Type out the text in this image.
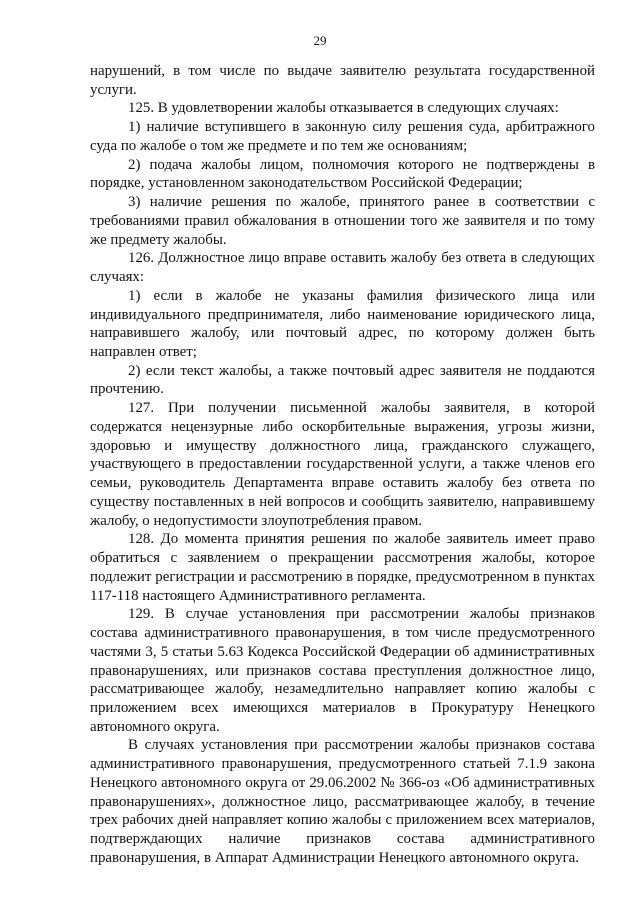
29

нарушений, в том числе по выдаче заявителю результата государственной услуги.

125. В удовлетворении жалобы отказывается в следующих случаях:

1) наличие вступившего в законную силу решения суда, арбитражного суда по жалобе о том же предмете и по тем же основаниям;

2) подача жалобы лицом, полномочия которого не подтверждены в порядке, установленном законодательством Российской Федерации;

3) наличие решения по жалобе, принятого ранее в соответствии с требованиями правил обжалования в отношении того же заявителя и по тому же предмету жалобы.

126. Должностное лицо вправе оставить жалобу без ответа в следующих случаях:

1) если в жалобе не указаны фамилия физического лица или индивидуального предпринимателя, либо наименование юридического лица, направившего жалобу, или почтовый адрес, по которому должен быть направлен ответ;

2) если текст жалобы, а также почтовый адрес заявителя не поддаются прочтению.

127. При получении письменной жалобы заявителя, в которой содержатся нецензурные либо оскорбительные выражения, угрозы жизни, здоровью и имуществу должностного лица, гражданского служащего, участвующего в предоставлении государственной услуги, а также членов его семьи, руководитель Департамента вправе оставить жалобу без ответа по существу поставленных в ней вопросов и сообщить заявителю, направившему жалобу, о недопустимости злоупотребления правом.

128. До момента принятия решения по жалобе заявитель имеет право обратиться с заявлением о прекращении рассмотрения жалобы, которое подлежит регистрации и рассмотрению в порядке, предусмотренном в пунктах 117-118 настоящего Административного регламента.

129. В случае установления при рассмотрении жалобы признаков состава административного правонарушения, в том числе предусмотренного частями 3, 5 статьи 5.63 Кодекса Российской Федерации об административных правонарушениях, или признаков состава преступления должностное лицо, рассматривающее жалобу, незамедлительно направляет копию жалобы с приложением всех имеющихся материалов в Прокуратуру Ненецкого автономного округа.

В случаях установления при рассмотрении жалобы признаков состава административного правонарушения, предусмотренного статьей 7.1.9 закона Ненецкого автономного округа от 29.06.2002 № 366-оз «Об административных правонарушениях», должностное лицо, рассматривающее жалобу, в течение трех рабочих дней направляет копию жалобы с приложением всех материалов, подтверждающих наличие признаков состава административного правонарушения, в Аппарат Администрации Ненецкого автономного округа.
